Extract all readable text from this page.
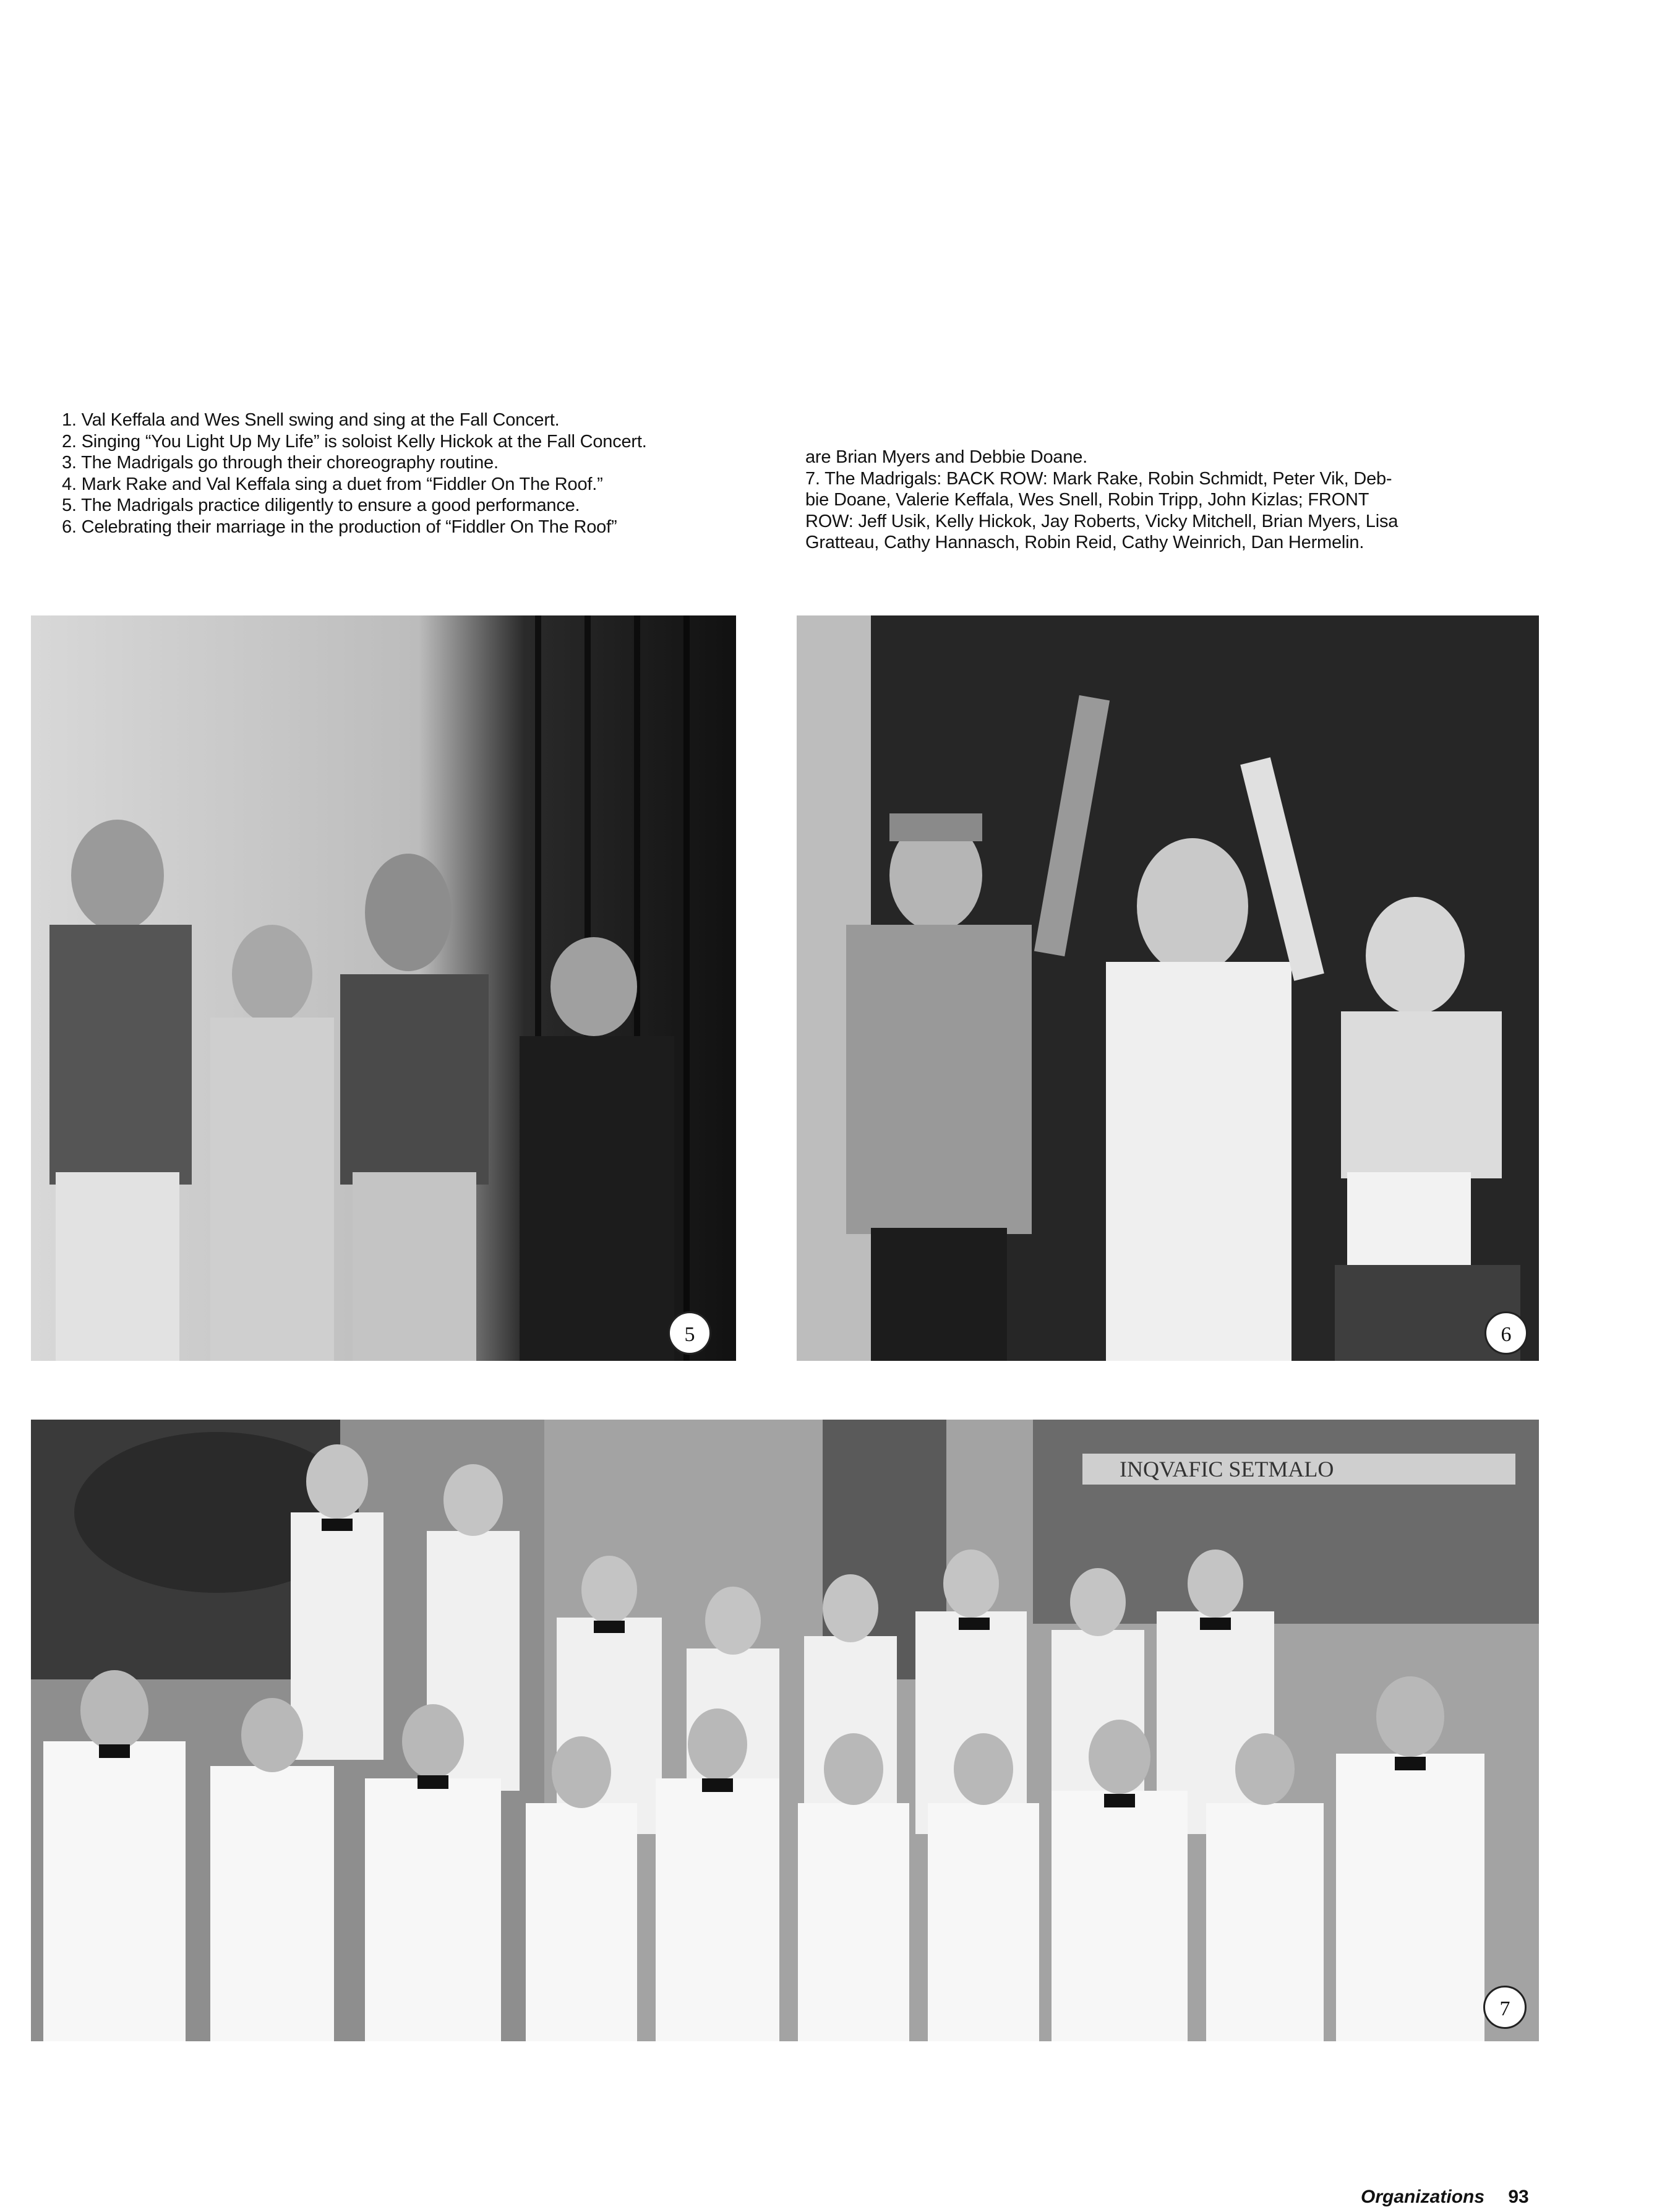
1. Val Keffala and Wes Snell swing and sing at the Fall Concert.
2. Singing “You Light Up My Life” is soloist Kelly Hickok at the Fall Concert.
3. The Madrigals go through their choreography routine.
4. Mark Rake and Val Keffala sing a duet from “Fiddler On The Roof.”
5. The Madrigals practice diligently to ensure a good performance.
6. Celebrating their marriage in the production of “Fiddler On The Roof”
are Brian Myers and Debbie Doane.
7. The Madrigals: BACK ROW: Mark Rake, Robin Schmidt, Peter Vik, Deb-
bie Doane, Valerie Keffala, Wes Snell, Robin Tripp, John Kizlas; FRONT
ROW: Jeff Usik, Kelly Hickok, Jay Roberts, Vicky Mitchell, Brian Myers, Lisa
Gratteau, Cathy Hannasch, Robin Reid, Cathy Weinrich, Dan Hermelin.
5	6
INQVAFIC SETMALO
7
Organizations 93
